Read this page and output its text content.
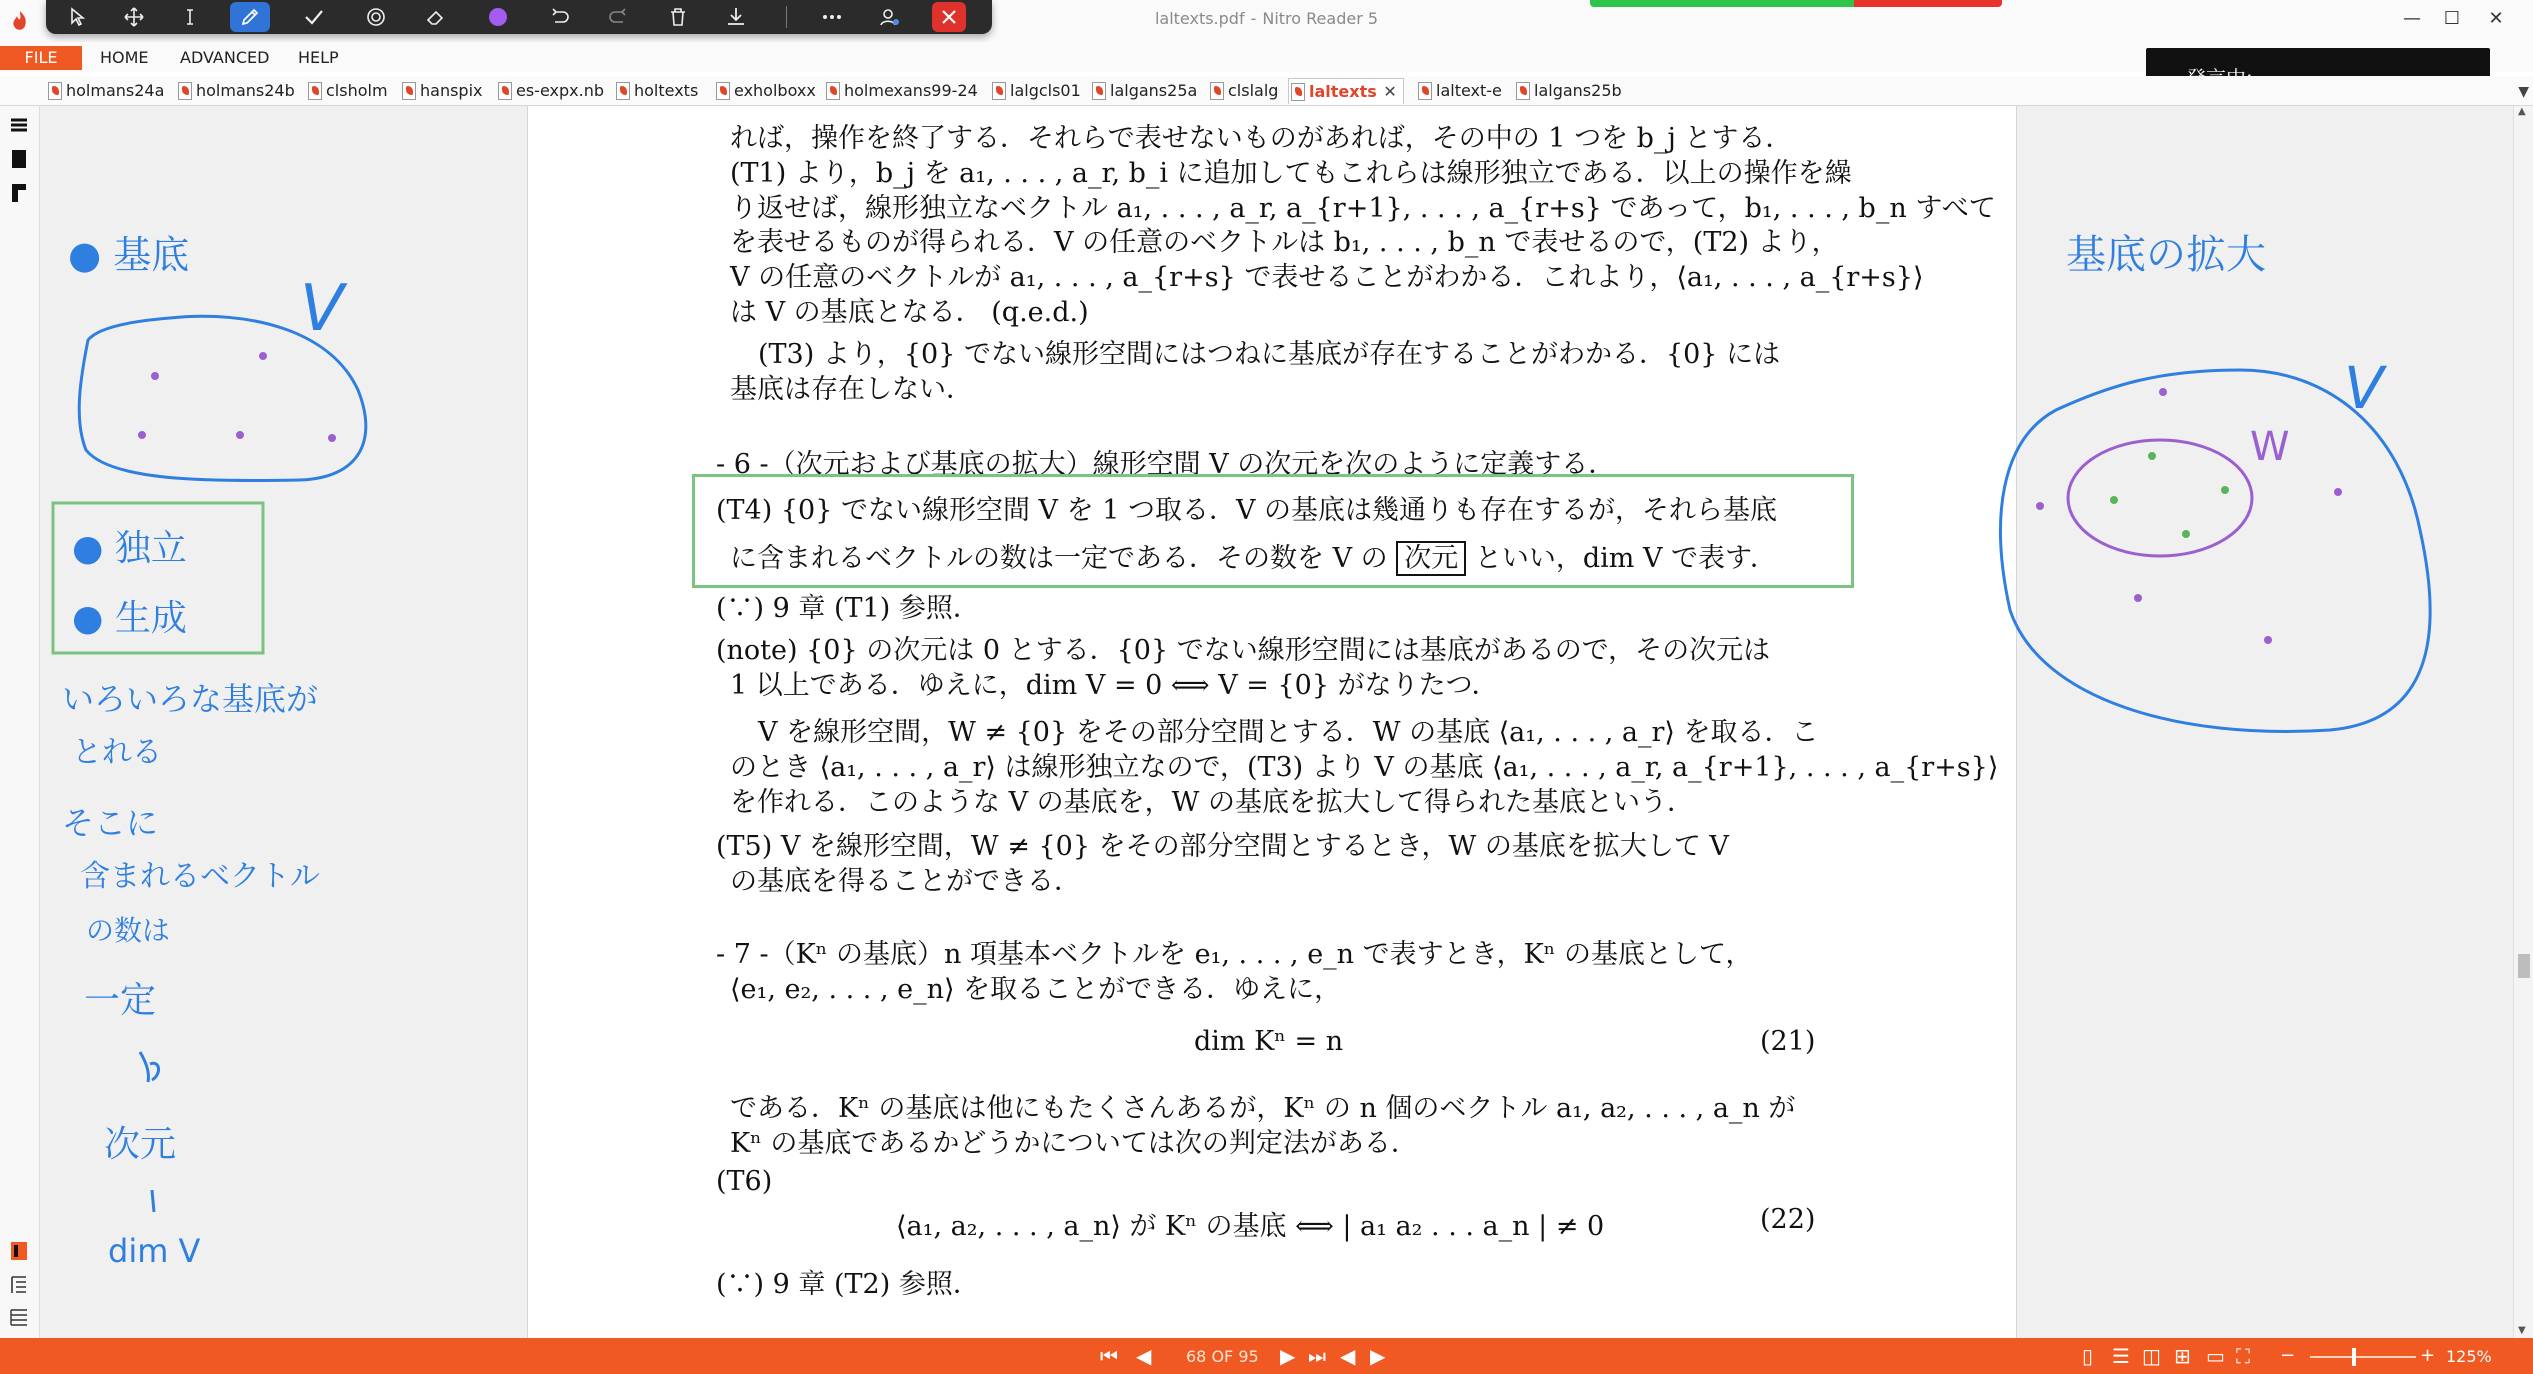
laltexts.pdf - Nitro Reader 5	—	☐	✕
FILE	HOME ADVANCED HELP
holmans24a	holmans24b	clsholm	hanspix	es-expx.nb	holtexts	exholboxx	holmexans99-24	lalgcls01	lalgans25a	clslalg	laltexts ✕	laltext-e	lalgans25b	▼
れば，操作を終了する．それらで表せないものがあれば，その中の 1 つを b_j とする．
(T1) より，b_j を a₁, . . . , a_r, b_i に追加してもこれらは線形独立である．以上の操作を繰
り返せば，線形独立なベクトル a₁, . . . , a_r, a_{r+1}, . . . , a_{r+s} であって，b₁, . . . , b_n すべて
を表せるものが得られる．V の任意のベクトルは b₁, . . . , b_n で表せるので，(T2) より，
V の任意のベクトルが a₁, . . . , a_{r+s} で表せることがわかる．これより，⟨a₁, . . . , a_{r+s}⟩
は V の基底となる． (q.e.d.)
(T3) より，{0} でない線形空間にはつねに基底が存在することがわかる．{0} には
基底は存在しない．
- 6 -（次元および基底の拡大）線形空間 V の次元を次のように定義する．
(T4) {0} でない線形空間 V を 1 つ取る．V の基底は幾通りも存在するが，それら基底
に含まれるベクトルの数は一定である．その数を V の 次元 といい，dim V で表す．
(∵) 9 章 (T1) 参照．
(note) {0} の次元は 0 とする．{0} でない線形空間には基底があるので，その次元は
1 以上である．ゆえに，dim V = 0 ⟺ V = {0} がなりたつ．
V を線形空間，W ≠ {0} をその部分空間とする．W の基底 ⟨a₁, . . . , a_r⟩ を取る．こ
のとき ⟨a₁, . . . , a_r⟩ は線形独立なので，(T3) より V の基底 ⟨a₁, . . . , a_r, a_{r+1}, . . . , a_{r+s}⟩
を作れる．このような V の基底を，W の基底を拡大して得られた基底という．
(T5) V を線形空間，W ≠ {0} をその部分空間とするとき，W の基底を拡大して V
の基底を得ることができる．
- 7 -（Kⁿ の基底）n 項基本ベクトルを e₁, . . . , e_n で表すとき，Kⁿ の基底として，
⟨e₁, e₂, . . . , e_n⟩ を取ることができる．ゆえに，
dim Kⁿ = n	(21)
である．Kⁿ の基底は他にもたくさんあるが，Kⁿ の n 個のベクトル a₁, a₂, . . . , a_n が
Kⁿ の基底であるかどうかについては次の判定法がある．
(T6)
⟨a₁, a₂, . . . , a_n⟩ が Kⁿ の基底 ⟺ | a₁ a₂ . . . a_n | ≠ 0	(22)
(∵) 9 章 (T2) 参照．
▲
▼
● 基底
V
● 独立
● 生成
いろいろな基底が
とれる
そこに
含まれるベクトル
の数は
一定
次元
dim V
基底の拡大
V
W
⏮ ◀ 68 OF 95 ▶ ⏭ ◀ ▶	▯ ☰ ◫ ⊞ ▭ ⛶ −	+ 125%
